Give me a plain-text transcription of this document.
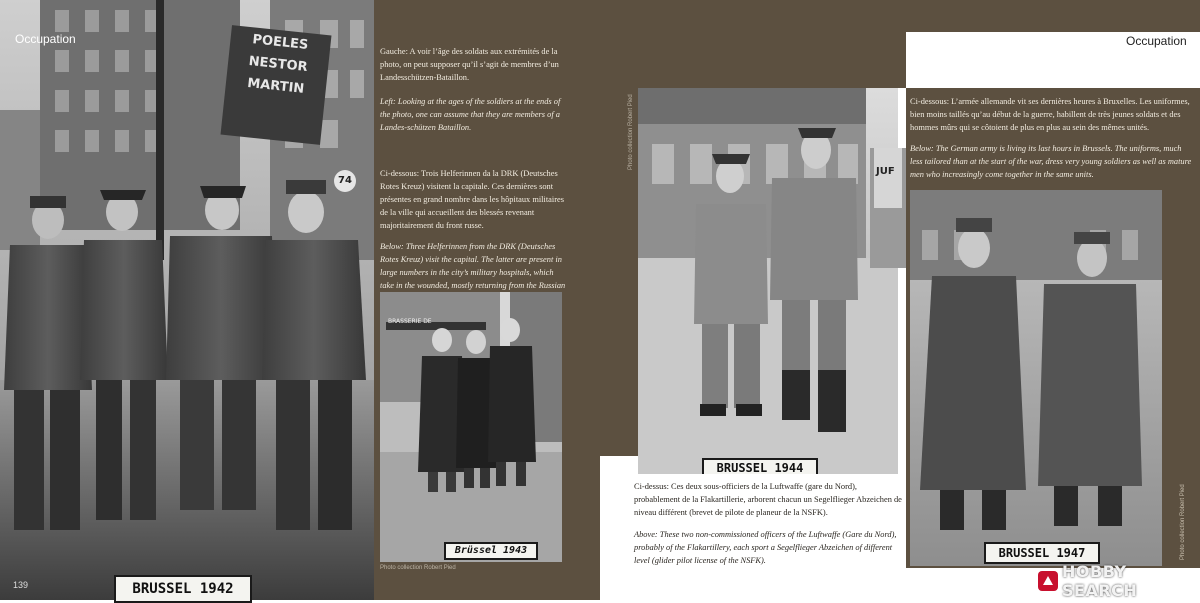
POELES NESTOR MARTIN
74
Occupation
BRUSSEL 1942
139
Gauche: A voir l’âge des soldats aux extrémités de la photo, on peut supposer qu’il s’agit de membres d’un Landesschützen-Bataillon.
Left: Looking at the ages of the soldiers at the ends of the photo, one can assume that they are members of a Landes-schützen Bataillon.
Ci-dessous: Trois Helferinnen da la DRK (Deutsches Rotes Kreuz) visitent la capitale. Ces dernières sont présentes en grand nombre dans les hôpitaux militaires de la ville qui accueillent des blessés revenant majoritairement du front russe.
Below: Three Helferinnen from the DRK (Deutsches Rotes Kreuz) visit the capital. The latter are present in large numbers in the city’s military hospitals, which take in the wounded, mostly returning from the Russian
BRASSERIE DE
Brüssel 1943
Photo collection Robert Pied
Occupation
Photo collection Robert Pied
BRUSSEL 1944
Ci-dessus: Ces deux sous-officiers de la Luftwaffe (gare du Nord), probablement de la Flakartillerie, arborent chacun un Segelflieger Abzeichen de niveau différent (brevet de pilote de planeur de la NSFK).
Above: These two non-commissioned officers of the Luftwaffe (Gare du Nord), probably of the Flakartillery, each sport a Segelflieger Abzeichen of different level (glider pilot license of the NSFK).
Ci-dessous: L’armée allemande vit ses dernières heures à Bruxelles. Les uniformes, bien moins taillés qu’au début de la guerre, habillent de très jeunes soldats et des hommes mûrs qui se côtoient de plus en plus au sein des mêmes unités.
Below: The German army is living its last hours in Brussels. The uniforms, much less tailored than at the start of the war, dress very young soldiers as well as mature men who increasingly come together in the same units.
JUF
BRUSSEL 1947	Photo collection Robert Pied
HOBBY SEARCH
